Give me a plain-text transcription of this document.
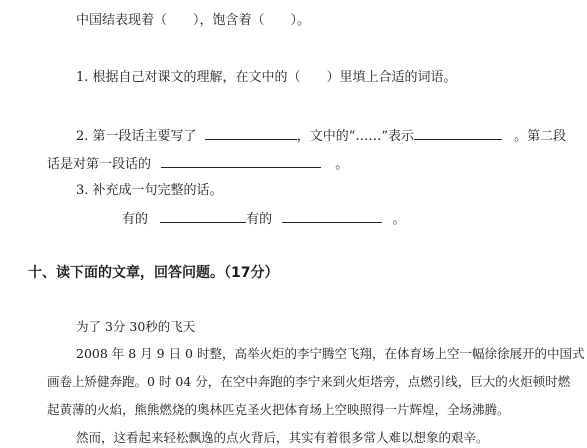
中国结表现着（　　），饱含着（　　）。
1. 根据自己对课文的理解，在文中的（　　）里填上合适的词语。
2. 第一段话主要写了	，文中的“……”表示	。第二段
话是对第一段话的	。
3. 补充成一句完整的话。
有的	有的	。
十、读下面的文章，回答问题。（17分）
为了 3分 30秒的飞天
2008 年 8 月 9 日 0 时整，高举火炬的李宁腾空飞翔，在体育场上空一幅徐徐展开的中国式
画卷上矫健奔跑。0 时 04 分，在空中奔跑的李宁来到火炬塔旁，点燃引线，巨大的火炬顿时燃
起黄薄的火焰，熊熊燃烧的奥林匹克圣火把体育场上空映照得一片辉煌，全场沸腾。
然而，这看起来轻松飘逸的点火背后，其实有着很多常人难以想象的艰辛。
